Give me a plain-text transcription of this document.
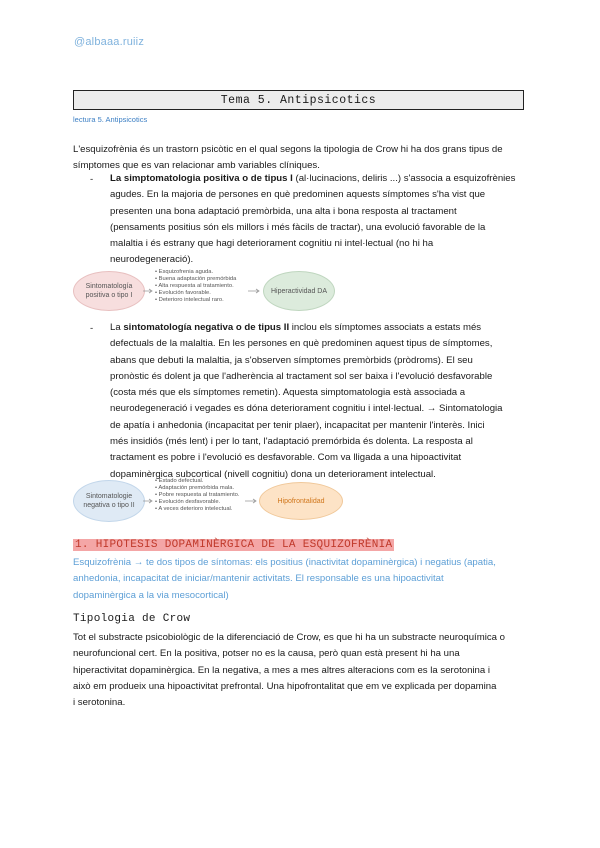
@albaaa.ruiiz
Tema 5. Antipsicotics
lectura 5. Antipsicotics
L'esquizofrènia és un trastorn psicòtic en el qual segons la tipologia de Crow hi ha dos grans tipus de
símptomes que es van relacionar amb variables clíniques.
- La simptomatologia positiva o de tipus I (al·lucinacions, deliris ...) s'associa a esquizofrènies
agudes. En la majoria de persones en què predominen aquests símptomes s'ha vist que
presenten una bona adaptació premòrbida, una alta i bona resposta al tractament
(pensaments positius són els millors i més fàcils de tractar), una evolució favorable de la
malaltia i és estrany que hagi deteriorament cognitiu ni intel·lectual (no hi ha
neurodegeneració).
Sintomatología positiva o tipo I
• Esquizofrenia aguda.
• Buena adaptación premórbida
• Alta respuesta al tratamiento.
• Evolución favorable.
• Deterioro intelectual raro.
Hiperactividad DA
- La sintomatología negativa o de tipus II inclou els símptomes associats a estats més
defectuals de la malaltia. En les persones en què predominen aquest tipus de símptomes,
abans que debuti la malaltia, ja s'observen símptomes premòrbids (pròdroms). El seu
pronòstic és dolent ja que l'adherència al tractament sol ser baixa i l'evolució desfavorable
(costa més que els símptomes remetin). Aquesta simptomatologia està associada a
neurodegeneració i vegades es dóna deteriorament cognitiu i intel·lectual. → Sintomatologia
de apatía i anhedonia (incapacitat per tenir plaer), incapacitat per mantenir l'interès. Inici
més insidiós (més lent) i per lo tant, l'adaptació premórbida és dolenta. La resposta al
tractament es pobre i l'evolució es desfavorable. Com va lligada a una hipoactivitat
dopaminèrgica subcortical (nivell cognitiu) dona un deteriorament intelectual.
Sintomatologie negativa o tipo II
• Estado defectual.
• Adaptación premórbida mala.
• Pobre respuesta al tratamiento.
• Evolución desfavorable.
• A veces deterioro intelectual.
Hipofrontalidad
1. HIPOTESIS DOPAMINÈRGICA DE LA ESQUIZOFRÈNIA
Esquizofrènia → te dos tipos de síntomas: els positius (inactivitat dopaminèrgica) i negatius (apatia,
anhedonia, incapacitat de iniciar/mantenir activitats. El responsable es una hipoactivitat
dopaminèrgica a la via mesocortical)
Tipologia de Crow
Tot el substracte psicobiològic de la diferenciació de Crow, es que hi ha un substracte neuroquímica o
neurofuncional cert. En la positiva, potser no es la causa, però quan està present hi ha una
hiperactivitat dopaminèrgica. En la negativa, a mes a mes altres alteracions com es la serotonina i
això em produeix una hipoactivitat prefrontal. Una hipofrontalitat que em ve explicada per dopamina
i serotonina.
